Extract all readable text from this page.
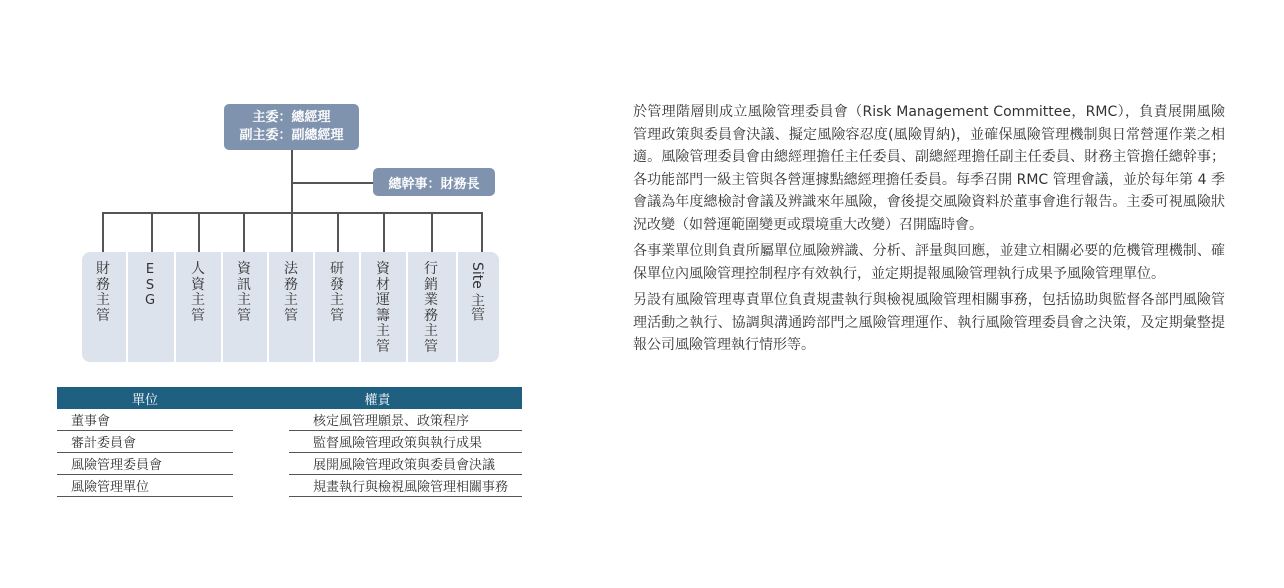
主委：總經理
副主委：副總經理
總幹事：財務長
財務主管
ESG
人資主管
資訊主管
法務主管
研發主管
資材運籌主管
行銷業務主管
Site 主管
單位	權責	
董事會		核定風管理願景、政策程序
審計委員會		監督風險管理政策與執行成果
風險管理委員會		展開風險管理政策與委員會決議
風險管理單位		規畫執行與檢視風險管理相關事務

於管理階層則成立風險管理委員會（Risk Management Committee，RMC），負責展開風險管理政策與委員會決議、擬定風險容忍度(風險胃納)，並確保風險管理機制與日常營運作業之相適。風險管理委員會由總經理擔任主任委員、副總經理擔任副主任委員、財務主管擔任總幹事；各功能部門一級主管與各營運據點總經理擔任委員。每季召開 RMC 管理會議，並於每年第 4 季會議為年度總檢討會議及辨識來年風險，會後提交風險資料於董事會進行報告。主委可視風險狀況改變（如營運範圍變更或環境重大改變）召開臨時會。

各事業單位則負責所屬單位風險辨識、分析、評量與回應，並建立相關必要的危機管理機制、確保單位內風險管理控制程序有效執行，並定期提報風險管理執行成果予風險管理單位。

另設有風險管理專責單位負責規畫執行與檢視風險管理相關事務，包括協助與監督各部門風險管理活動之執行、協調與溝通跨部門之風險管理運作、執行風險管理委員會之決策，及定期彙整提報公司風險管理執行情形等。
